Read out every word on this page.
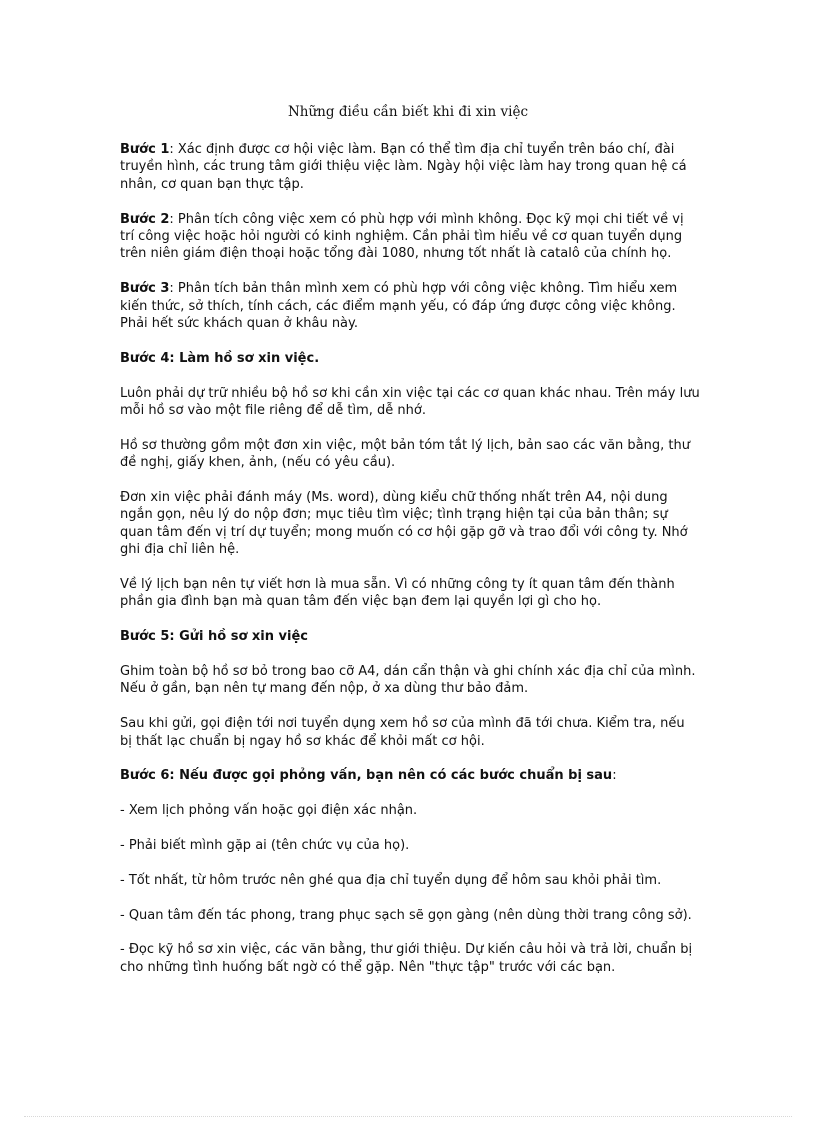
Những điều cần biết khi đi xin việc

Bước 1: Xác định được cơ hội việc làm. Bạn có thể tìm địa chỉ tuyển trên báo chí, đài truyền hình, các trung tâm giới thiệu việc làm. Ngày hội việc làm hay trong quan hệ cá nhân, cơ quan bạn thực tập.

Bước 2: Phân tích công việc xem có phù hợp với mình không. Đọc kỹ mọi chi tiết về vị trí công việc hoặc hỏi người có kinh nghiệm. Cần phải tìm hiểu về cơ quan tuyển dụng trên niên giám điện thoại hoặc tổng đài 1080, nhưng tốt nhất là catalô của chính họ.

Bước 3: Phân tích bản thân mình xem có phù hợp với công việc không. Tìm hiểu xem kiến thức, sở thích, tính cách, các điểm mạnh yếu, có đáp ứng được công việc không. Phải hết sức khách quan ở khâu này.

Bước 4: Làm hồ sơ xin việc.

Luôn phải dự trữ nhiều bộ hồ sơ khi cần xin việc tại các cơ quan khác nhau. Trên máy lưu mỗi hồ sơ vào một file riêng để dễ tìm, dễ nhớ.

Hồ sơ thường gồm một đơn xin việc, một bản tóm tắt lý lịch, bản sao các văn bằng, thư đề nghị, giấy khen, ảnh, (nếu có yêu cầu).

Đơn xin việc phải đánh máy (Ms. word), dùng kiểu chữ thống nhất trên A4, nội dung ngắn gọn, nêu lý do nộp đơn; mục tiêu tìm việc; tình trạng hiện tại của bản thân; sự quan tâm đến vị trí dự tuyển; mong muốn có cơ hội gặp gỡ và trao đổi với công ty. Nhớ ghi địa chỉ liên hệ.

Về lý lịch bạn nên tự viết hơn là mua sẵn. Vì có những công ty ít quan tâm đến thành phần gia đình bạn mà quan tâm đến việc bạn đem lại quyền lợi gì cho họ.

Bước 5: Gửi hồ sơ xin việc

Ghim toàn bộ hồ sơ bỏ trong bao cỡ A4, dán cẩn thận và ghi chính xác địa chỉ của mình. Nếu ở gần, bạn nên tự mang đến nộp, ở xa dùng thư bảo đảm.

Sau khi gửi, gọi điện tới nơi tuyển dụng xem hồ sơ của mình đã tới chưa. Kiểm tra, nếu bị thất lạc chuẩn bị ngay hồ sơ khác để khỏi mất cơ hội.

Bước 6: Nếu được gọi phỏng vấn, bạn nên có các bước chuẩn bị sau:

- Xem lịch phỏng vấn hoặc gọi điện xác nhận.

- Phải biết mình gặp ai (tên chức vụ của họ).

- Tốt nhất, từ hôm trước nên ghé qua địa chỉ tuyển dụng để hôm sau khỏi phải tìm.

- Quan tâm đến tác phong, trang phục sạch sẽ gọn gàng (nên dùng thời trang công sở).

- Đọc kỹ hồ sơ xin việc, các văn bằng, thư giới thiệu. Dự kiến câu hỏi và trả lời, chuẩn bị cho những tình huống bất ngờ có thể gặp. Nên "thực tập" trước với các bạn.
